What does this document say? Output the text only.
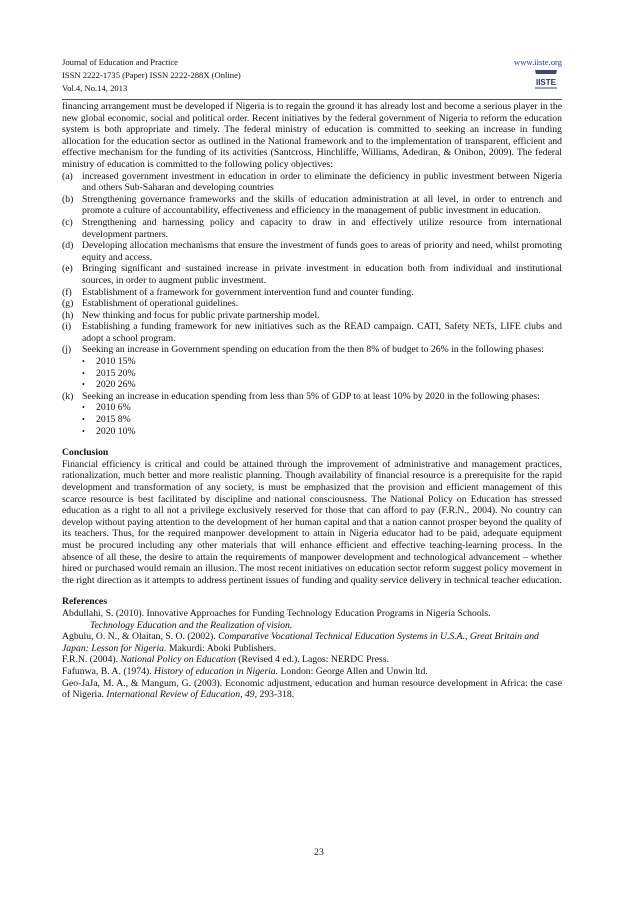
Journal of Education and Practice	www.iiste.org
ISSN 2222-1735 (Paper) ISSN 2222-288X (Online)
Vol.4, No.14, 2013
IISTE

financing arrangement must be developed if Nigeria is to regain the ground it has already lost and become a serious player in the new global economic, social and political order. Recent initiatives by the federal government of Nigeria to reform the education system is both appropriate and timely. The federal ministry of education is committed to seeking an increase in funding allocation for the education sector as outlined in the National framework and to the implementation of transparent, efficient and effective mechanism for the funding of its activities (Santcross, Hinchliffe, Williams, Adediran, & Onibon, 2009). The federal ministry of education is committed to the following policy objectives:

(a) increased government investment in education in order to eliminate the deficiency in public investment between Nigeria and others Sub-Saharan and developing countries
(b) Strengthening governance frameworks and the skills of education administration at all level, in order to entrench and promote a culture of accountability, effectiveness and efficiency in the management of public investment in education.
(c) Strengthening and harnessing policy and capacity to draw in and effectively utilize resource from international development partners.
(d) Developing allocation mechanisms that ensure the investment of funds goes to areas of priority and need, whilst promoting equity and access.
(e) Bringing significant and sustained increase in private investment in education both from individual and institutional sources, in order to augment public investment.
(f)	Establishment of a framework for government intervention fund and counter funding.
(g) Establishment of operational guidelines.
(h) New thinking and focus for public private partnership model.
(i)	Establishing a funding framework for new initiatives such as the READ campaign. CATI, Safety NETs, LIFE clubs and adopt a school program.
(j)	Seeking an increase in Government spending on education from the then 8% of budget to 26% in the following phases:
•	2010 15%
•	2015 20%
•	2020 26%
(k) Seeking an increase in education spending from less than 5% of GDP to at least 10% by 2020 in the following phases:
•	2010 6%
•	2015 8%
•	2020 10%

Conclusion

Financial efficiency is critical and could be attained through the improvement of administrative and management practices, rationalization, much better and more realistic planning. Though availability of financial resource is a prerequisite for the rapid development and transformation of any society, is must be emphasized that the provision and efficient management of this scarce resource is best facilitated by discipline and national consciousness. The National Policy on Education has stressed education as a right to all not a privilege exclusively reserved for those that can afford to pay (F.R.N., 2004). No country can develop without paying attention to the development of her human capital and that a nation cannot prosper beyond the quality of its teachers. Thus, for the required manpower development to attain in Nigeria educator had to be paid, adequate equipment must be procured including any other materials that will enhance efficient and effective teaching-learning process. In the absence of all these, the desire to attain the requirements of manpower development and technological advancement – whether hired or purchased would remain an illusion. The most recent initiatives on education sector reform suggest policy movement in the right direction as it attempts to address pertinent issues of funding and quality service delivery in technical teacher education.

References

Abdullahi, S. (2010). Innovative Approaches for Funding Technology Education Programs in Nigeria Schools.

Technology Education and the Realization of vision.

Agbulu, O. N., & Olaitan, S. O. (2002). Comparative Vocational Technical Education Systems in U.S.A., Great Britain and Japan: Lesson for Nigeria. Makurdi: Aboki Publishers.

F.R.N. (2004). National Policy on Education (Revised 4 ed.). Lagos: NERDC Press.

Fafunwa, B. A. (1974). History of education in Nigeria. London: George Allen and Unwin ltd.

Geo-JaJa, M. A., & Mangum, G. (2003). Economic adjustment, education and human resource development in Africa: the case of Nigeria. International Review of Education, 49, 293-318.

23
